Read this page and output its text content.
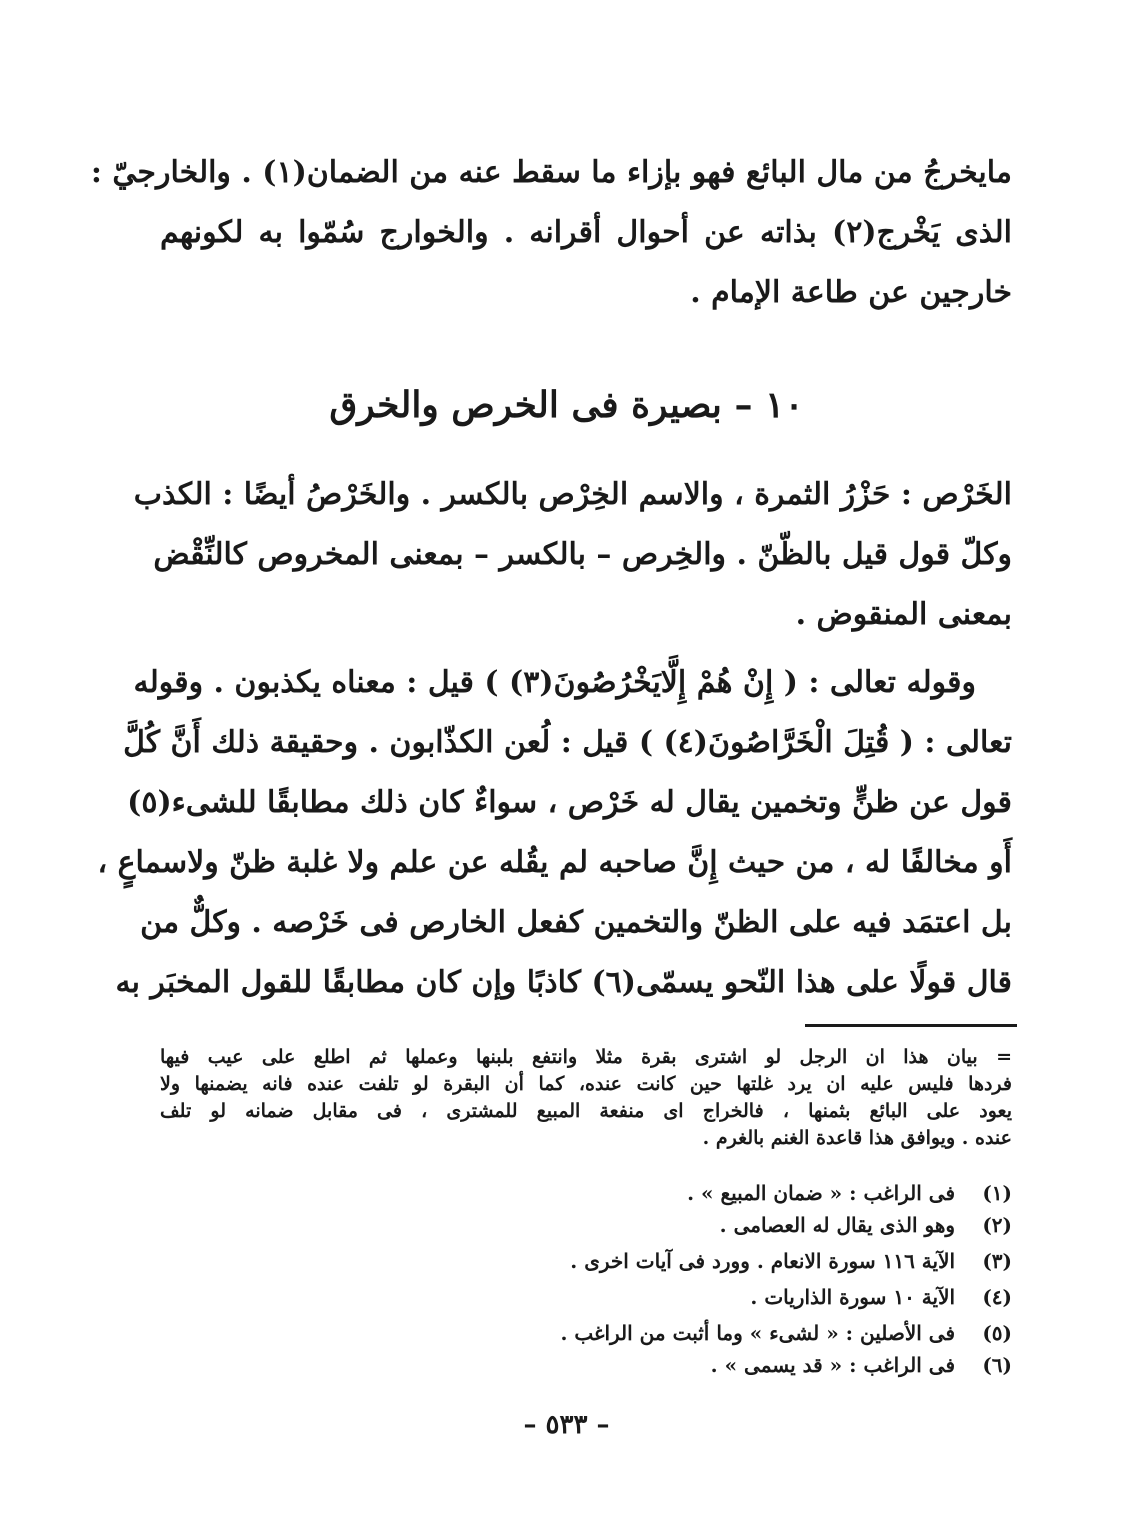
مايخرجُ من مال البائع فهو بإزاء ما سقط عنه من الضمان(١) . والخارجيّ :
الذى يَخْرج(٢) بذاته عن أحوال أقرانه . والخوارج سُمّوا به لكونهم
خارجين عن طاعة الإمام .
١٠ – بصيرة فى الخرص والخرق
الخَرْص : حَزْرُ الثمرة ، والاسم الخِرْص بالكسر . والخَرْصُ أيضًا : الكذب
وكلّ قول قيل بالظّنّ . والخِرص – بالكسر – بمعنى المخروص كالنِّقْض
بمعنى المنقوض .
وقوله تعالى : ( إِنْ هُمْ إِلَّايَخْرُصُونَ(٣) ) قيل : معناه يكذبون . وقوله
تعالى : ( قُتِلَ الْخَرَّاصُونَ(٤) ) قيل : لُعن الكذّابون . وحقيقة ذلك أَنَّ كُلَّ
قول عن ظنٍّ وتخمين يقال له خَرْص ، سواءٌ كان ذلك مطابقًا للشىء(٥)
أَو مخالفًا له ، من حيث إِنَّ صاحبه لم يقُله عن علم ولا غلبة ظنّ ولاسماعٍ ،
بل اعتمَد فيه على الظنّ والتخمين كفعل الخارص فى خَرْصه . وكلٌّ من
قال قولًا على هذا النّحو يسمّى(٦) كاذبًا وإن كان مطابقًا للقول المخبَر به
= بيان هذا ان الرجل لو اشترى بقرة مثلا وانتفع بلبنها وعملها ثم اطلع على عيب فيها
فردها فليس عليه ان يرد غلتها حين كانت عنده، كما أن البقرة لو تلفت عنده فانه يضمنها ولا
يعود على البائع بثمنها ، فالخراج اى منفعة المبيع للمشترى ، فى مقابل ضمانه لو تلف
عنده . ويوافق هذا قاعدة الغنم بالغرم .
(١) فى الراغب : « ضمان المبيع » .
(٢) وهو الذى يقال له العصامى .
(٣) الآية ١١٦ سورة الانعام . وورد فى آيات اخرى .
(٤) الآية ١٠ سورة الذاريات .
(٥) فى الأصلين : « لشىء » وما أثبت من الراغب .
(٦) فى الراغب : « قد يسمى » .
– ٥٣٣ –
